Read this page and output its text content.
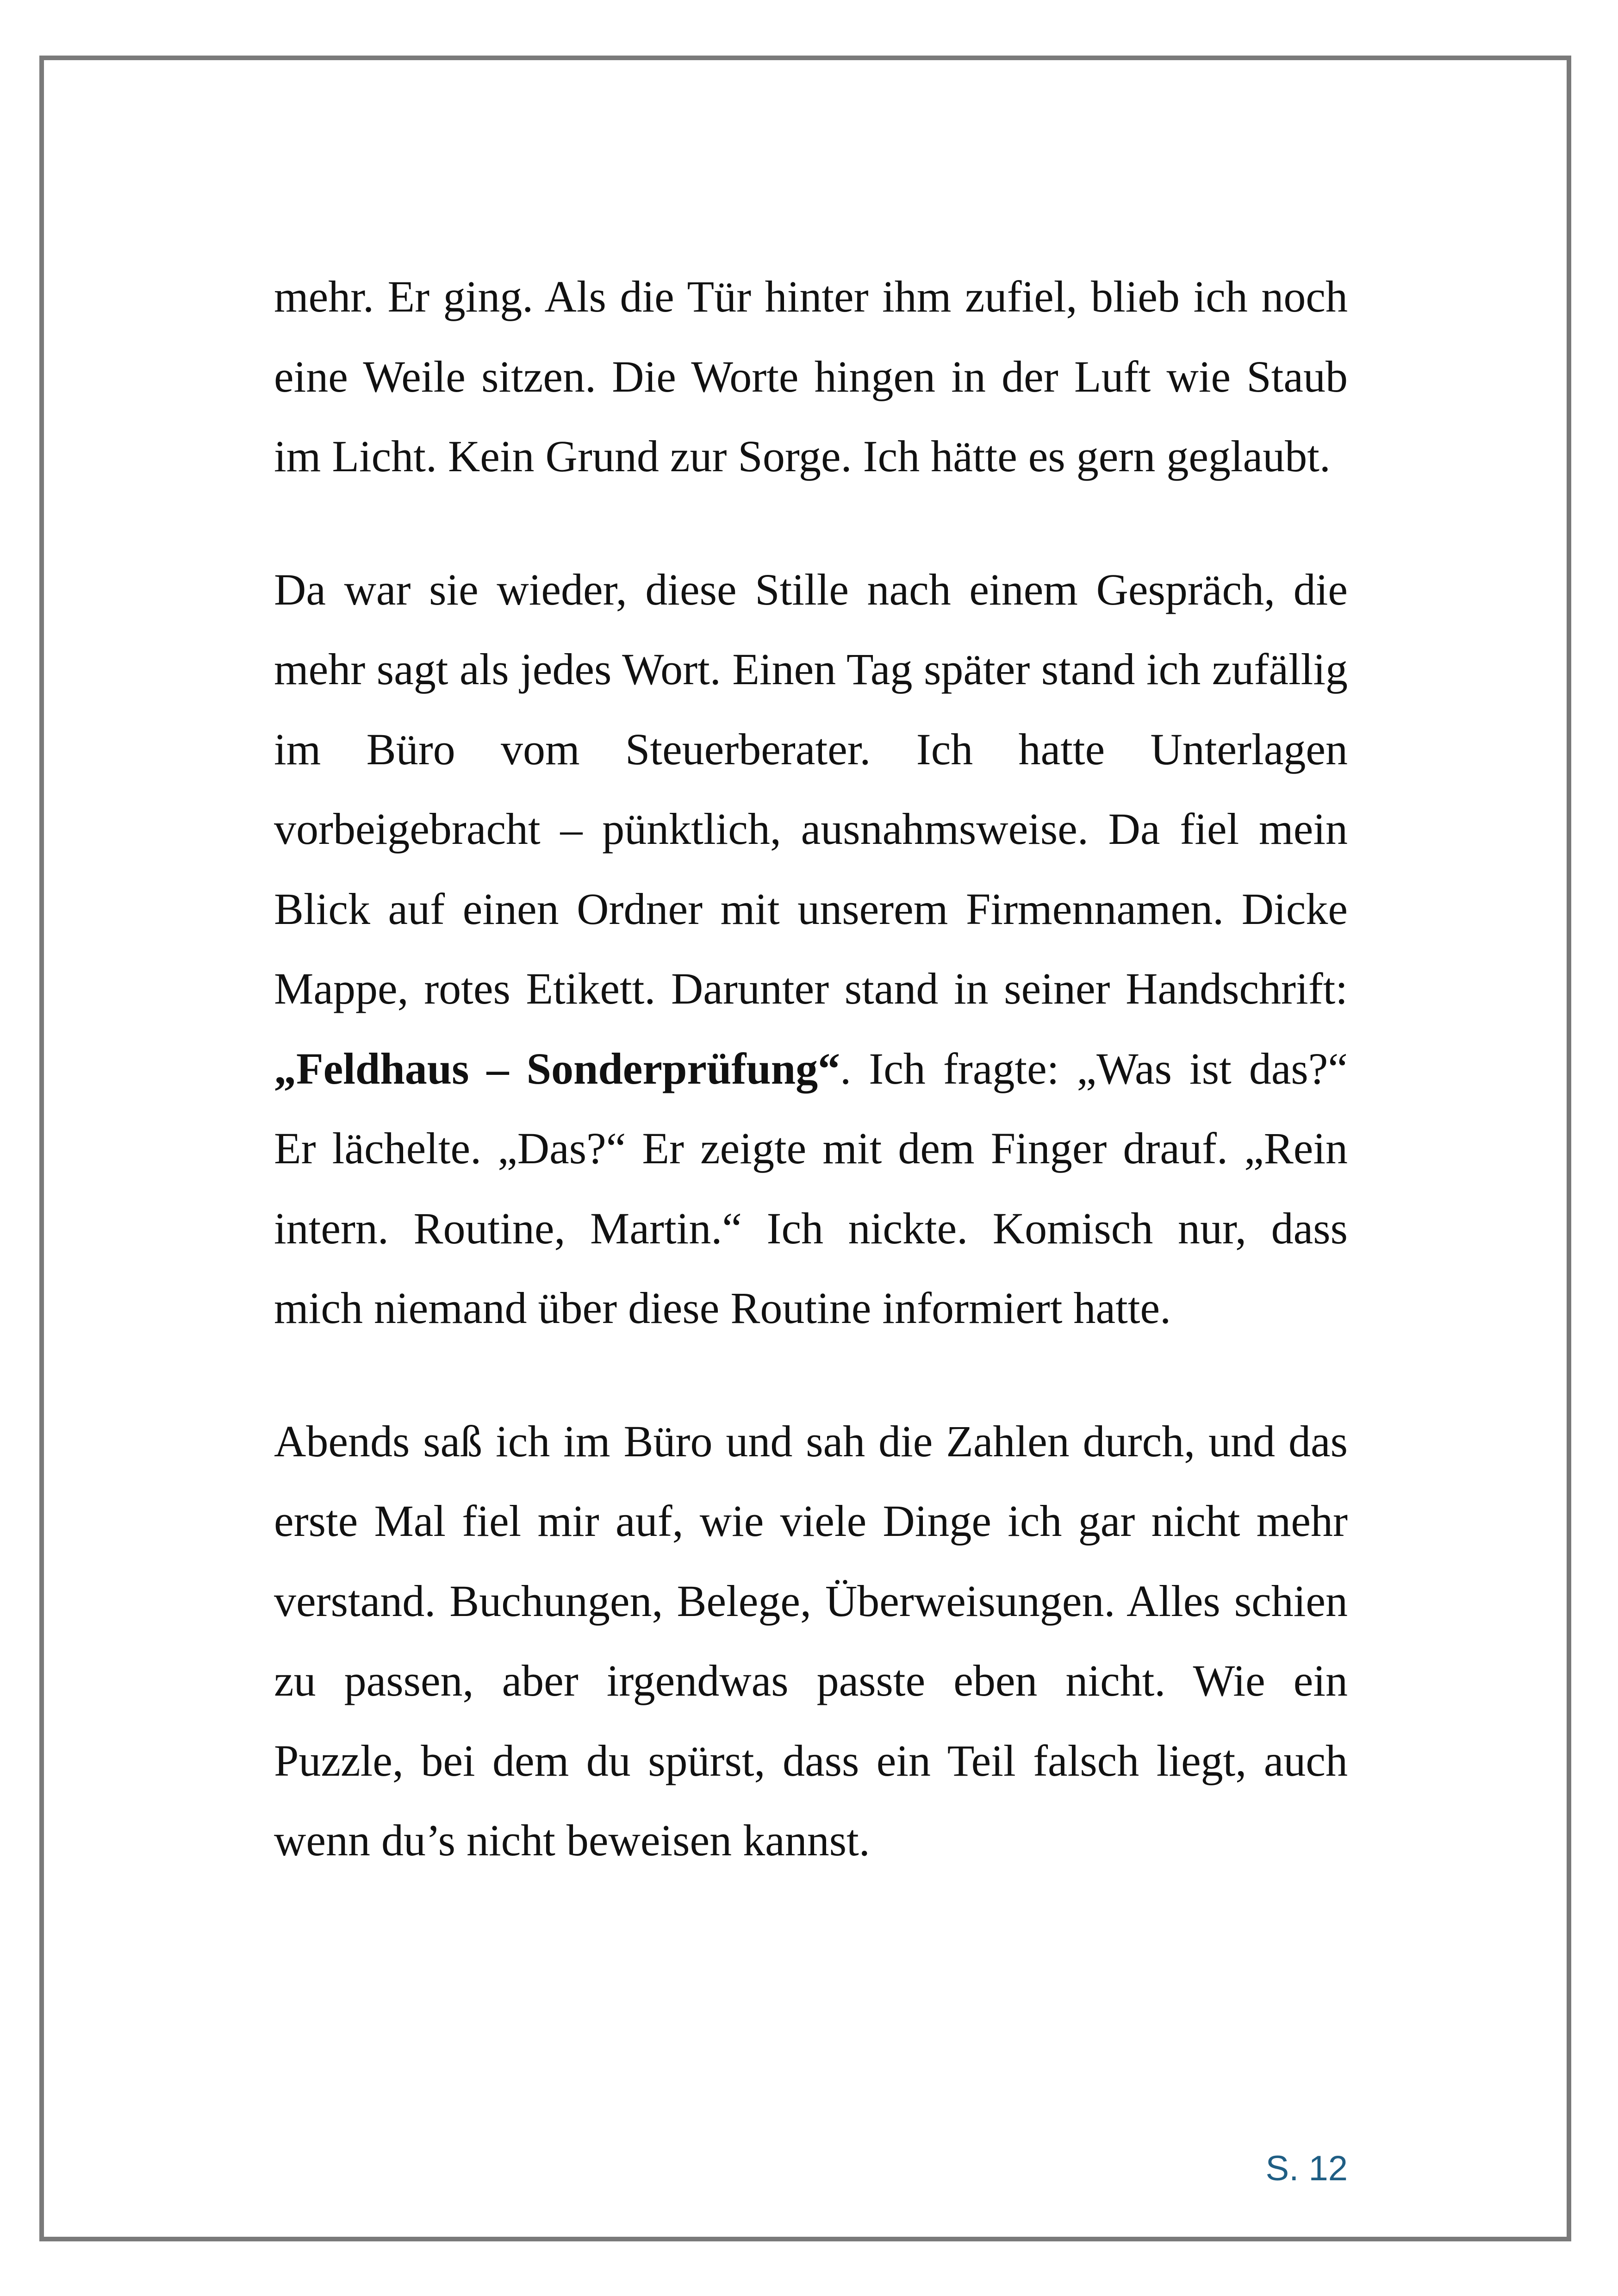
mehr. Er ging. Als die Tür hinter ihm zufiel, blieb ich noch eine Weile sitzen. Die Worte hingen in der Luft wie Staub im Licht. Kein Grund zur Sorge. Ich hätte es gern geglaubt.

Da war sie wieder, diese Stille nach einem Gespräch, die mehr sagt als jedes Wort. Einen Tag später stand ich zufällig im Büro vom Steuerberater. Ich hatte Unterlagen vorbeigebracht – pünktlich, ausnahmsweise. Da fiel mein Blick auf einen Ordner mit unserem Firmennamen. Dicke Mappe, rotes Etikett. Darunter stand in seiner Handschrift: „Feldhaus – Sonderprüfung“. Ich fragte: „Was ist das?“ Er lächelte. „Das?“ Er zeigte mit dem Finger drauf. „Rein intern. Routine, Martin.“ Ich nickte. Komisch nur, dass mich niemand über diese Routine informiert hatte.

Abends saß ich im Büro und sah die Zahlen durch, und das erste Mal fiel mir auf, wie viele Dinge ich gar nicht mehr verstand. Buchungen, Belege, Überweisungen. Alles schien zu passen, aber irgendwas passte eben nicht. Wie ein Puzzle, bei dem du spürst, dass ein Teil falsch liegt, auch wenn du’s nicht beweisen kannst.

S. 12
